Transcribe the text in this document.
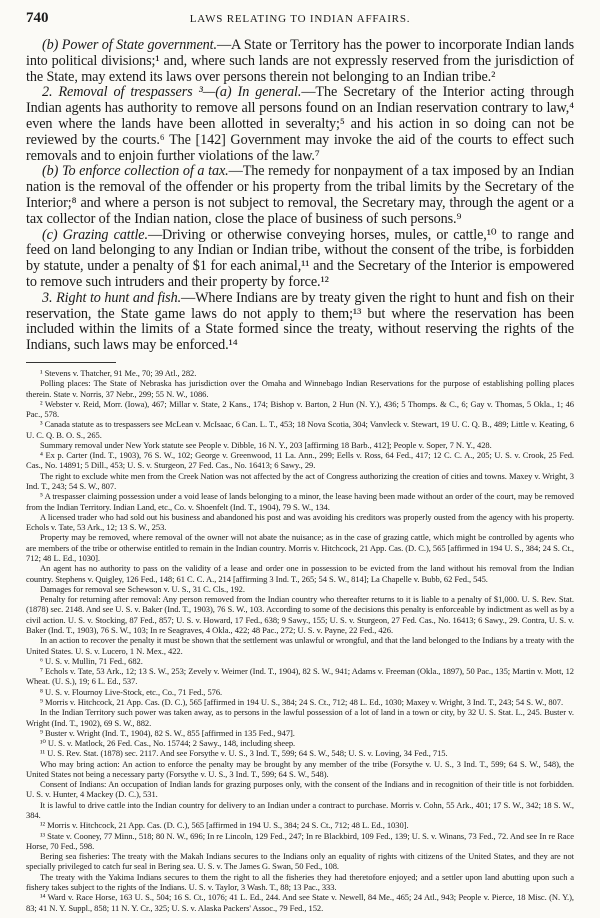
740	LAWS RELATING TO INDIAN AFFAIRS.

(b) Power of State government.—A State or Territory has the power to incorporate Indian lands into political divisions;¹ and, where such lands are not expressly reserved from the jurisdiction of the State, may extend its laws over persons therein not belonging to an Indian tribe.²

2. Removal of trespassers ³—(a) In general.—The Secretary of the Interior acting through Indian agents has authority to remove all persons found on an Indian reservation contrary to law,⁴ even where the lands have been allotted in severalty;⁵ and his action in so doing can not be reviewed by the courts.⁶ The [142] Government may invoke the aid of the courts to effect such removals and to enjoin further violations of the law.⁷

(b) To enforce collection of a tax.—The remedy for nonpayment of a tax imposed by an Indian nation is the removal of the offender or his property from the tribal limits by the Secretary of the Interior;⁸ and where a person is not subject to removal, the Secretary may, through the agent or a tax collector of the Indian nation, close the place of business of such persons.⁹

(c) Grazing cattle.—Driving or otherwise conveying horses, mules, or cattle,¹⁰ to range and feed on land belonging to any Indian or Indian tribe, without the consent of the tribe, is forbidden by statute, under a penalty of $1 for each animal,¹¹ and the Secretary of the Interior is empowered to remove such intruders and their property by force.¹²

3. Right to hunt and fish.—Where Indians are by treaty given the right to hunt and fish on their reservation, the State game laws do not apply to them;¹³ but where the reservation has been included within the limits of a State formed since the treaty, without reserving the rights of the Indians, such laws may be enforced.¹⁴

¹ Stevens v. Thatcher, 91 Me., 70; 39 Atl., 282.

Polling places: The State of Nebraska has jurisdiction over the Omaha and Winnebago Indian Reservations for the purpose of establishing polling places therein. State v. Norris, 37 Nebr., 299; 55 N. W., 1086.

² Webster v. Reid, Morr. (Iowa), 467; Millar v. State, 2 Kans., 174; Bishop v. Barton, 2 Hun (N. Y.), 436; 5 Thomps. & C., 6; Gay v. Thomas, 5 Okla., 1; 46 Pac., 578.

³ Canada statute as to trespassers see McLean v. McIsaac, 6 Can. L. T., 453; 18 Nova Scotia, 304; Vanvleck v. Stewart, 19 U. C. Q. B., 489; Little v. Keating, 6 U. C. Q. B. O. S., 265.

Summary removal under New York statute see People v. Dibble, 16 N. Y., 203 [affirming 18 Barb., 412]; People v. Soper, 7 N. Y., 428.

⁴ Ex p. Carter (Ind. T., 1903), 76 S. W., 102; George v. Greenwood, 11 La. Ann., 299; Eells v. Ross, 64 Fed., 417; 12 C. C. A., 205; U. S. v. Crook, 25 Fed. Cas., No. 14891; 5 Dill., 453; U. S. v. Sturgeon, 27 Fed. Cas., No. 16413; 6 Sawy., 29.

The right to exclude white men from the Creek Nation was not affected by the act of Congress authorizing the creation of cities and towns. Maxey v. Wright, 3 Ind. T., 243; 54 S. W., 807.

⁵ A trespasser claiming possession under a void lease of lands belonging to a minor, the lease having been made without an order of the court, may be removed from the Indian Territory. Indian Land, etc., Co. v. Shoenfelt (Ind. T., 1904), 79 S. W., 134.

A licensed trader who had sold out his business and abandoned his post and was avoiding his creditors was properly ousted from the agency with his property. Echols v. Tate, 53 Ark., 12; 13 S. W., 253.

Property may be removed, where removal of the owner will not abate the nuisance; as in the case of grazing cattle, which might be controlled by agents who are members of the tribe or otherwise entitled to remain in the Indian country. Morris v. Hitchcock, 21 App. Cas. (D. C.), 565 [affirmed in 194 U. S., 384; 24 S. Ct., 712; 48 L. Ed., 1030].

An agent has no authority to pass on the validity of a lease and order one in possession to be evicted from the land without his removal from the Indian country. Stephens v. Quigley, 126 Fed., 148; 61 C. C. A., 214 [affirming 3 Ind. T., 265; 54 S. W., 814]; La Chapelle v. Bubb, 62 Fed., 545.

Damages for removal see Schewson v. U. S., 31 C. Cls., 192.

Penalty for returning after removal: Any person removed from the Indian country who thereafter returns to it is liable to a penalty of $1,000. U. S. Rev. Stat. (1878) sec. 2148. And see U. S. v. Baker (Ind. T., 1903), 76 S. W., 103. According to some of the decisions this penalty is enforceable by indictment as well as by a civil action. U. S. v. Stocking, 87 Fed., 857; U. S. v. Howard, 17 Fed., 638; 9 Sawy., 155; U. S. v. Sturgeon, 27 Fed. Cas., No. 16413; 6 Sawy., 29. Contra, U. S. v. Baker (Ind. T., 1903), 76 S. W., 103; In re Seagraves, 4 Okla., 422; 48 Pac., 272; U. S. v. Payne, 22 Fed., 426.

In an action to recover the penalty it must be shown that the settlement was unlawful or wrongful, and that the land belonged to the Indians by a treaty with the United States. U. S. v. Lucero, 1 N. Mex., 422.

⁶ U. S. v. Mullin, 71 Fed., 682.

⁷ Echols v. Tate, 53 Ark., 12; 13 S. W., 253; Zevely v. Weimer (Ind. T., 1904), 82 S. W., 941; Adams v. Freeman (Okla., 1897), 50 Pac., 135; Martin v. Mott, 12 Wheat. (U. S.), 19; 6 L. Ed., 537.

⁸ U. S. v. Flournoy Live-Stock, etc., Co., 71 Fed., 576.

⁹ Morris v. Hitchcock, 21 App. Cas. (D. C.), 565 [affirmed in 194 U. S., 384; 24 S. Ct., 712; 48 L. Ed., 1030; Maxey v. Wright, 3 Ind. T., 243; 54 S. W., 807.

In the Indian Territory such power was taken away, as to persons in the lawful possession of a lot of land in a town or city, by 32 U. S. Stat. L., 245. Buster v. Wright (Ind. T., 1902), 69 S. W., 882.

⁹ Buster v. Wright (Ind. T., 1904), 82 S. W., 855 [affirmed in 135 Fed., 947].

¹⁰ U. S. v. Matlock, 26 Fed. Cas., No. 15744; 2 Sawy., 148, including sheep.

¹¹ U. S. Rev. Stat. (1878) sec. 2117. And see Forsythe v. U. S., 3 Ind. T., 599; 64 S. W., 548; U. S. v. Loving, 34 Fed., 715.

Who may bring action: An action to enforce the penalty may be brought by any member of the tribe (Forsythe v. U. S., 3 Ind. T., 599; 64 S. W., 548), the United States not being a necessary party (Forsythe v. U. S., 3 Ind. T., 599; 64 S. W., 548).

Consent of Indians: An occupation of Indian lands for grazing purposes only, with the consent of the Indians and in recognition of their title is not forbidden. U. S. v. Hunter, 4 Mackey (D. C.), 531.

It is lawful to drive cattle into the Indian country for delivery to an Indian under a contract to purchase. Morris v. Cohn, 55 Ark., 401; 17 S. W., 342; 18 S. W., 384.

¹² Morris v. Hitchcock, 21 App. Cas. (D. C.), 565 [affirmed in 194 U. S., 384; 24 S. Ct., 712; 48 L. Ed., 1030].

¹³ State v. Cooney, 77 Minn., 518; 80 N. W., 696; In re Lincoln, 129 Fed., 247; In re Blackbird, 109 Fed., 139; U. S. v. Winans, 73 Fed., 72. And see In re Race Horse, 70 Fed., 598.

Bering sea fisheries: The treaty with the Makah Indians secures to the Indians only an equality of rights with citizens of the United States, and they are not specially privileged to catch fur seal in Bering sea. U. S. v. The James G. Swan, 50 Fed., 108.

The treaty with the Yakima Indians secures to them the right to all the fisheries they had theretofore enjoyed; and a settler upon land abutting upon such a fishery takes subject to the rights of the Indians. U. S. v. Taylor, 3 Wash. T., 88; 13 Pac., 333.

¹⁴ Ward v. Race Horse, 163 U. S., 504; 16 S. Ct., 1076; 41 L. Ed., 244. And see State v. Newell, 84 Me., 465; 24 Atl., 943; People v. Pierce, 18 Misc. (N. Y.), 83; 41 N. Y. Suppl., 858; 11 N. Y. Cr., 325; U. S. v. Alaska Packers' Assoc., 79 Fed., 152.
